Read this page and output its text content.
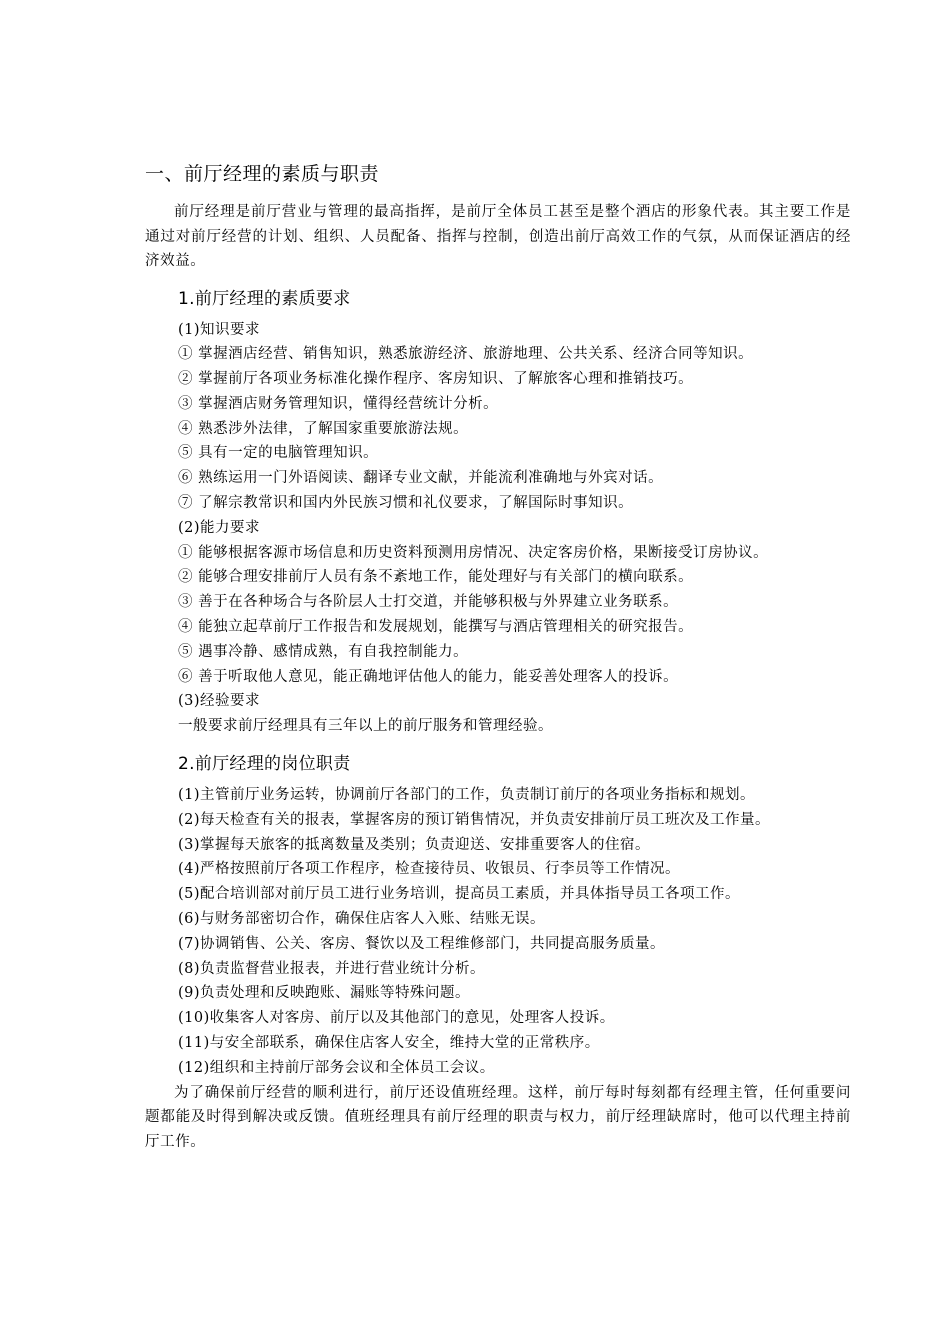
一、前厅经理的素质与职责

前厅经理是前厅营业与管理的最高指挥，是前厅全体员工甚至是整个酒店的形象代表。其主要工作是通过对前厅经营的计划、组织、人员配备、指挥与控制，创造出前厅高效工作的气氛，从而保证酒店的经济效益。

1.前厅经理的素质要求
(1)知识要求
① 掌握酒店经营、销售知识，熟悉旅游经济、旅游地理、公共关系、经济合同等知识。
② 掌握前厅各项业务标准化操作程序、客房知识、了解旅客心理和推销技巧。
③ 掌握酒店财务管理知识，懂得经营统计分析。
④ 熟悉涉外法律，了解国家重要旅游法规。
⑤ 具有一定的电脑管理知识。
⑥ 熟练运用一门外语阅读、翻译专业文献，并能流利准确地与外宾对话。
⑦ 了解宗教常识和国内外民族习惯和礼仪要求，了解国际时事知识。
(2)能力要求
① 能够根据客源市场信息和历史资料预测用房情况、决定客房价格，果断接受订房协议。
② 能够合理安排前厅人员有条不紊地工作，能处理好与有关部门的横向联系。
③ 善于在各种场合与各阶层人士打交道，并能够积极与外界建立业务联系。
④ 能独立起草前厅工作报告和发展规划，能撰写与酒店管理相关的研究报告。
⑤ 遇事冷静、感情成熟，有自我控制能力。
⑥ 善于听取他人意见，能正确地评估他人的能力，能妥善处理客人的投诉。
(3)经验要求
一般要求前厅经理具有三年以上的前厅服务和管理经验。
2.前厅经理的岗位职责
(1)主管前厅业务运转，协调前厅各部门的工作，负责制订前厅的各项业务指标和规划。
(2)每天检查有关的报表，掌握客房的预订销售情况，并负责安排前厅员工班次及工作量。
(3)掌握每天旅客的抵离数量及类别；负责迎送、安排重要客人的住宿。
(4)严格按照前厅各项工作程序，检查接待员、收银员、行李员等工作情况。
(5)配合培训部对前厅员工进行业务培训，提高员工素质，并具体指导员工各项工作。
(6)与财务部密切合作，确保住店客人入账、结账无误。
(7)协调销售、公关、客房、餐饮以及工程维修部门，共同提高服务质量。
(8)负责监督营业报表，并进行营业统计分析。
(9)负责处理和反映跑账、漏账等特殊问题。
(10)收集客人对客房、前厅以及其他部门的意见，处理客人投诉。
(11)与安全部联系，确保住店客人安全，维持大堂的正常秩序。
(12)组织和主持前厅部务会议和全体员工会议。

为了确保前厅经营的顺利进行，前厅还设值班经理。这样，前厅每时每刻都有经理主管，任何重要问题都能及时得到解决或反馈。值班经理具有前厅经理的职责与权力，前厅经理缺席时，他可以代理主持前厅工作。
